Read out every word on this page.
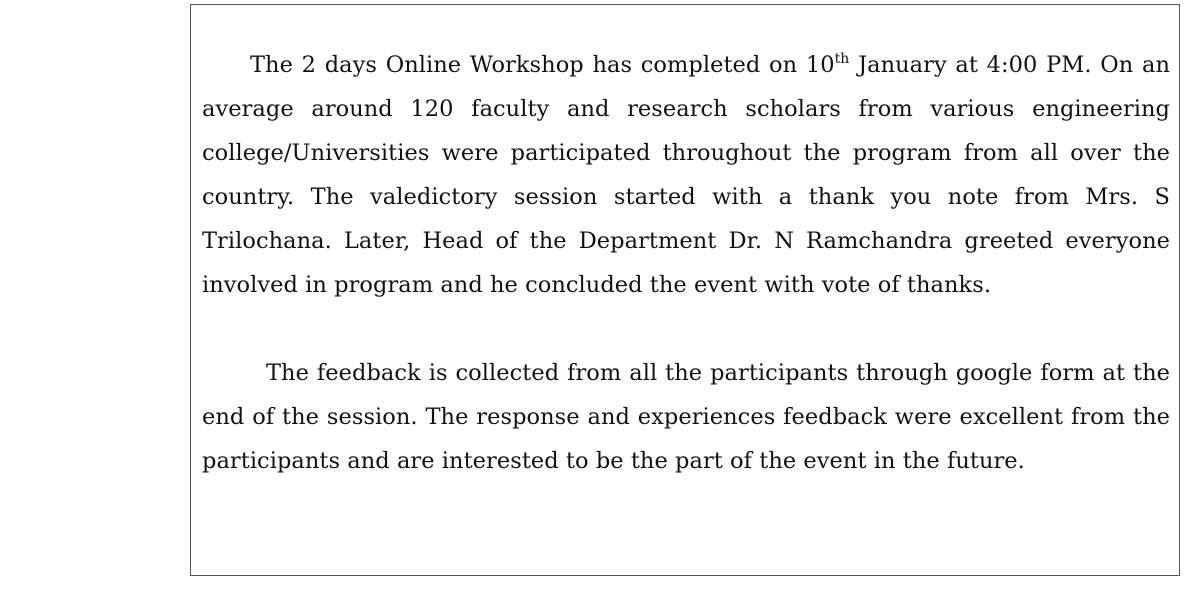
The 2 days Online Workshop has completed on 10th January at 4:00 PM. On an average around 120 faculty and research scholars from various engineering college/Universities were participated throughout the program from all over the country. The valedictory session started with a thank you note from Mrs. S Trilochana. Later, Head of the Department Dr. N Ramchandra greeted everyone involved in program and he concluded the event with vote of thanks.

The feedback is collected from all the participants through google form at the end of the session. The response and experiences feedback were excellent from the participants and are interested to be the part of the event in the future.
